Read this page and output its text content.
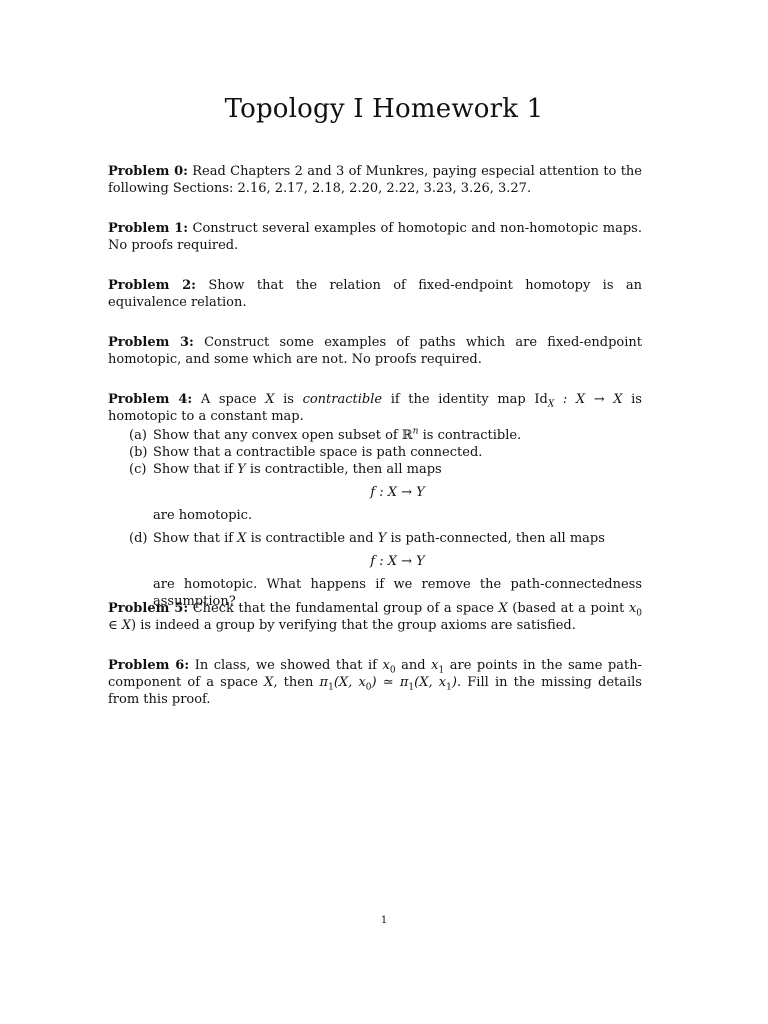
Topology I Homework 1
Problem 0: Read Chapters 2 and 3 of Munkres, paying especial attention to the following Sections: 2.16, 2.17, 2.18, 2.20, 2.22, 3.23, 3.26, 3.27.
Problem 1: Construct several examples of homotopic and non-homotopic maps. No proofs required.
Problem 2: Show that the relation of fixed-endpoint homotopy is an equivalence relation.
Problem 3: Construct some examples of paths which are fixed-endpoint homotopic, and some which are not. No proofs required.
Problem 4: A space X is contractible if the identity map $Id_X$ : X → X is homotopic to a constant map.
(a) Show that any convex open subset of ℝ$^n$ is contractible.
(b) Show that a contractible space is path connected.
(c) Show that if Y is contractible, then all maps
f : X → Y
are homotopic.
(d) Show that if X is contractible and Y is path-connected, then all maps
f : X → Y
are homotopic. What happens if we remove the path-connectedness assumption?
Problem 5: Check that the fundamental group of a space X (based at a point $x_0$ ∈ X) is indeed a group by verifying that the group axioms are satisfied.
Problem 6: In class, we showed that if $x_0$ and $x_1$ are points in the same path-component of a space X, then $\pi_1(X$, $x_0$) ≃ $\pi_1(X$, $x_1$). Fill in the missing details from this proof.
1
